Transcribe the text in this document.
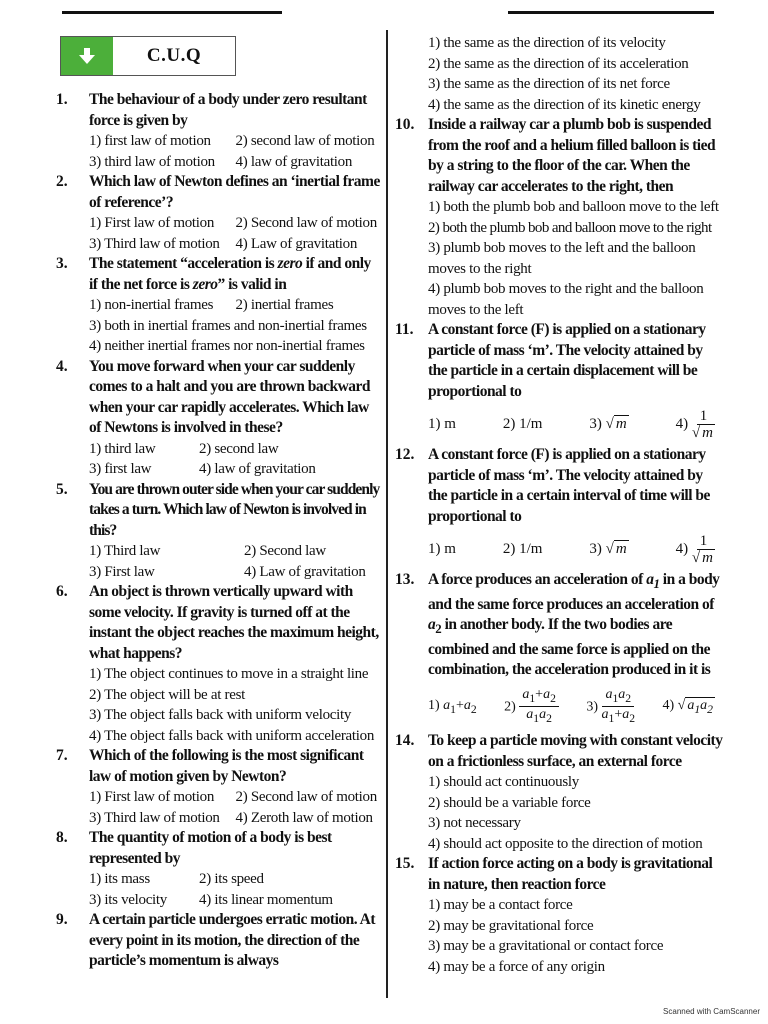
C.U.Q
1.	The behaviour of a body under zero resultant force is given by
1) first law of motion	2) second law of motion
3) third law of motion	4) law of gravitation
2.	Which law of Newton defines an ‘inertial frame of reference’?
1) First law of motion	2) Second law of motion
3) Third law of motion	4) Law of gravitation
3.	The statement “acceleration is zero if and only if the net force is zero” is valid in
1) non-inertial frames	2) inertial frames
3) both in inertial frames and non-inertial frames
4) neither inertial frames nor non-inertial frames
4.	You move forward when your car suddenly comes to a halt and you are thrown backward when your car rapidly accelerates. Which law of Newtons is involved in these?
1) third law	2) second law
3) first law	4) law of gravitation
5.	You are thrown outer side when your car suddenly takes a turn. Which law of Newton is involved in this?
1) Third law	2) Second law
3) First law	4) Law of gravitation
6.	An object is thrown vertically upward with some velocity. If gravity is turned off at the instant the object reaches the maximum height, what happens?
1) The object continues to move in a straight line
2) The object will be at rest
3) The object falls back with uniform velocity
4) The object falls back with uniform acceleration
7.	Which of the following is the most significant law of motion given by Newton?
1) First law of motion	2) Second law of motion
3) Third law of motion	4) Zeroth law of motion
8.	The quantity of motion of a body is best represented by
1) its mass	2) its speed
3) its velocity	4) its linear momentum
9.	A certain particle undergoes erratic motion. At every point in its motion, the direction of the particle’s momentum is always
1) the same as the direction of its velocity
2) the same as the direction of its acceleration
3) the same as the direction of its net force
4) the same as the direction of its kinetic energy
10. Inside a railway car a plumb bob is suspended from the roof and a helium filled balloon is tied by a string to the floor of the car. When the railway car accelerates to the right, then
1) both the plumb bob and balloon move to the left
2) both the plumb bob and balloon move to the right
3) plumb bob moves to the left and the balloon moves to the right
4) plumb bob moves to the right and the balloon moves to the left
11. A constant force (F) is applied on a stationary particle of mass ‘m’. The velocity attained by the particle in a certain displacement will be proportional to
1) m	2) 1/m	3) √ m	$4) \frac{1}{√ m}$
12. A constant force (F) is applied on a stationary particle of mass ‘m’. The velocity attained by the particle in a certain interval of time will be proportional to
1) m	2) 1/m	3) √ m	$4) \frac{1}{√ m}$
13. A force produces an acceleration of $a_1$ in a body and the same force produces an acceleration of $a_2$ in another body. If the two bodies are combined and the same force is applied on the combination, the acceleration produced in it is
1) $a_1+a_2$ $2) \frac{a_1+a_2}{a_1a_2} 3) \frac{a_1a_2}{a_1+a_2} 4$) √ $a_1a_2$
14. To keep a particle moving with constant velocity on a frictionless surface, an external force
1) should act continuously
2) should be a variable force
3) not necessary
4) should act opposite to the direction of motion
15. If action force acting on a body is gravitational in nature, then reaction force
1) may be a contact force
2) may be gravitational force
3) may be a gravitational or contact force
4) may be a force of any origin
Scanned with CamScanner
